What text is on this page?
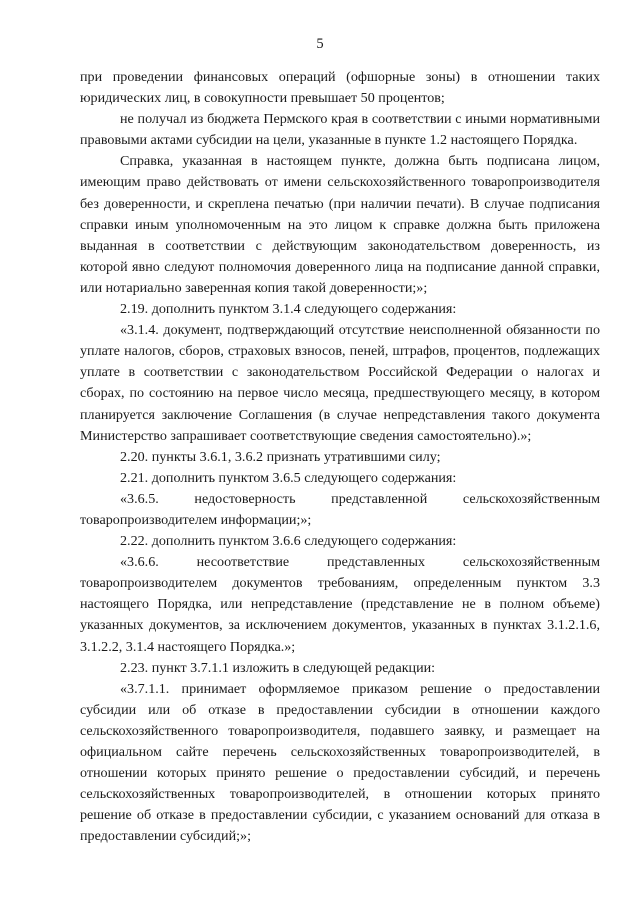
5

при проведении финансовых операций (офшорные зоны) в отношении таких юридических лиц, в совокупности превышает 50 процентов;

не получал из бюджета Пермского края в соответствии с иными нормативными правовыми актами субсидии на цели, указанные в пункте 1.2 настоящего Порядка.

Справка, указанная в настоящем пункте, должна быть подписана лицом, имеющим право действовать от имени сельскохозяйственного товаропроизводителя без доверенности, и скреплена печатью (при наличии печати). В случае подписания справки иным уполномоченным на это лицом к справке должна быть приложена выданная в соответствии с действующим законодательством доверенность, из которой явно следуют полномочия доверенного лица на подписание данной справки, или нотариально заверенная копия такой доверенности;»;

2.19. дополнить пунктом 3.1.4 следующего содержания:

«3.1.4. документ, подтверждающий отсутствие неисполненной обязанности по уплате налогов, сборов, страховых взносов, пеней, штрафов, процентов, подлежащих уплате в соответствии с законодательством Российской Федерации о налогах и сборах, по состоянию на первое число месяца, предшествующего месяцу, в котором планируется заключение Соглашения (в случае непредставления такого документа Министерство запрашивает соответствующие сведения самостоятельно).»;

2.20. пункты 3.6.1, 3.6.2 признать утратившими силу;

2.21. дополнить пунктом 3.6.5 следующего содержания:

«3.6.5. недостоверность представленной сельскохозяйственным товаропроизводителем информации;»;

2.22. дополнить пунктом 3.6.6 следующего содержания:

«3.6.6. несоответствие представленных сельскохозяйственным товаропроизводителем документов требованиям, определенным пунктом 3.3 настоящего Порядка, или непредставление (представление не в полном объеме) указанных документов, за исключением документов, указанных в пунктах 3.1.2.1.6, 3.1.2.2, 3.1.4 настоящего Порядка.»;

2.23. пункт 3.7.1.1 изложить в следующей редакции:

«3.7.1.1. принимает оформляемое приказом решение о предоставлении субсидии или об отказе в предоставлении субсидии в отношении каждого сельскохозяйственного товаропроизводителя, подавшего заявку, и размещает на официальном сайте перечень сельскохозяйственных товаропроизводителей, в отношении которых принято решение о предоставлении субсидий, и перечень сельскохозяйственных товаропроизводителей, в отношении которых принято решение об отказе в предоставлении субсидии, с указанием оснований для отказа в предоставлении субсидий;»;
